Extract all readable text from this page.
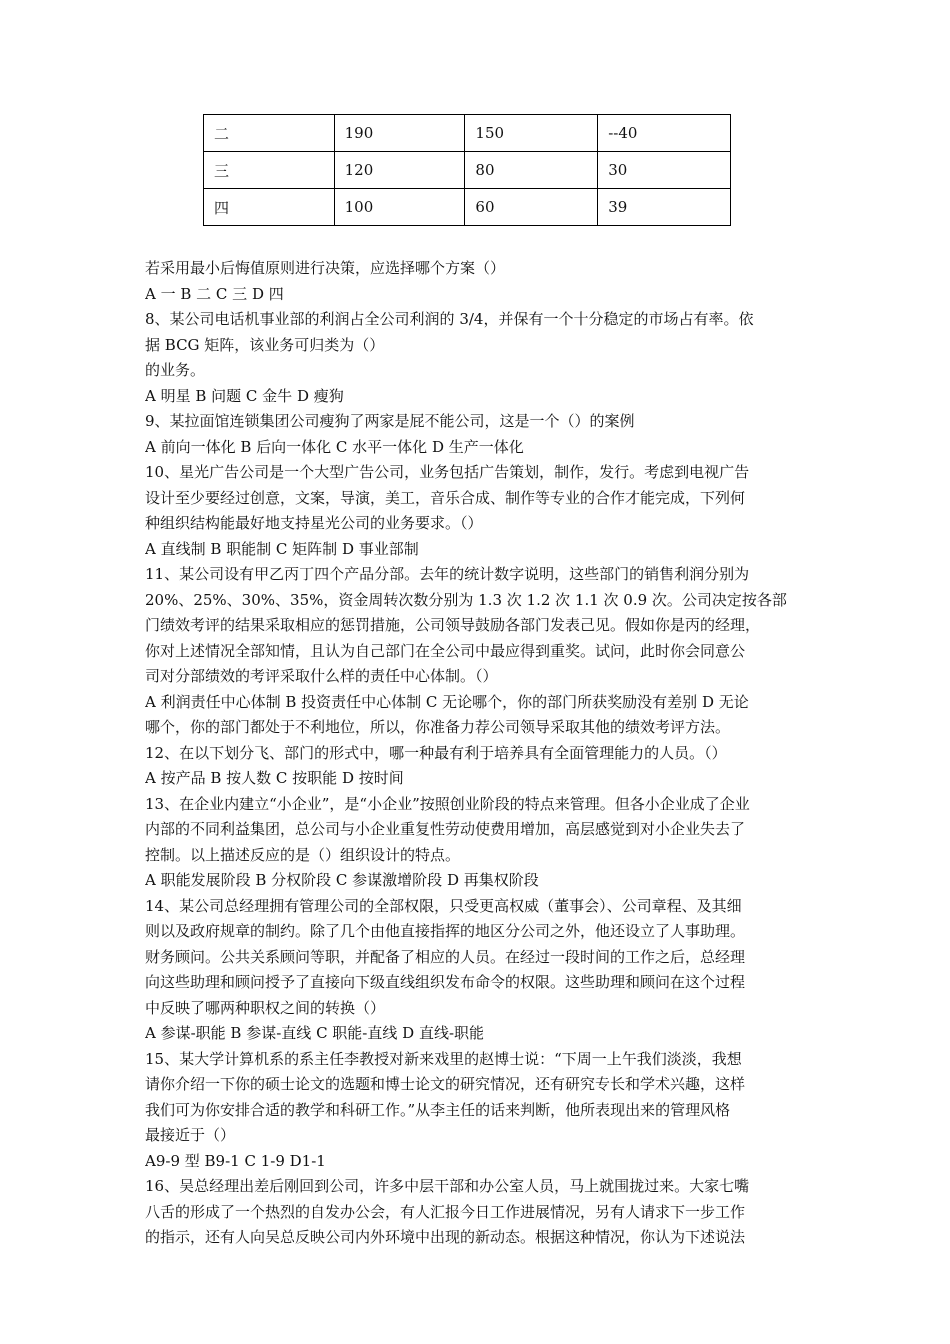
二	190	150	--40
三	120	80	30
四	100	60	39

若采用最小后悔值原则进行决策，应选择哪个方案（）

A 一 B 二 C 三 D 四

8、某公司电话机事业部的利润占全公司利润的 3/4，并保有一个十分稳定的市场占有率。依

据 BCG 矩阵，该业务可归类为（）

的业务。

A 明星 B 问题 C 金牛 D 瘦狗

9、某拉面馆连锁集团公司瘦狗了两家是屁不能公司，这是一个（）的案例

A 前向一体化 B 后向一体化 C 水平一体化 D 生产一体化

10、星光广告公司是一个大型广告公司，业务包括广告策划，制作，发行。考虑到电视广告

设计至少要经过创意，文案，导演，美工，音乐合成、制作等专业的合作才能完成，下列何

种组织结构能最好地支持星光公司的业务要求。（）

A 直线制 B 职能制 C 矩阵制 D 事业部制

11、某公司设有甲乙丙丁四个产品分部。去年的统计数字说明，这些部门的销售利润分别为

20%、25%、30%、35%，资金周转次数分别为 1.3 次 1.2 次 1.1 次 0.9 次。公司决定按各部

门绩效考评的结果采取相应的惩罚措施，公司领导鼓励各部门发表己见。假如你是丙的经理，

你对上述情况全部知情，且认为自己部门在全公司中最应得到重奖。试问，此时你会同意公

司对分部绩效的考评采取什么样的责任中心体制。（）

A 利润责任中心体制 B 投资责任中心体制 C 无论哪个，你的部门所获奖励没有差别 D 无论

哪个，你的部门都处于不利地位，所以，你准备力荐公司领导采取其他的绩效考评方法。

12、在以下划分飞、部门的形式中，哪一种最有利于培养具有全面管理能力的人员。（）

A 按产品 B 按人数 C 按职能 D 按时间

13、在企业内建立“小企业”，是“小企业”按照创业阶段的特点来管理。但各小企业成了企业

内部的不同利益集团，总公司与小企业重复性劳动使费用增加，高层感觉到对小企业失去了

控制。以上描述反应的是（）组织设计的特点。

A 职能发展阶段 B 分权阶段 C 参谋激增阶段 D 再集权阶段

14、某公司总经理拥有管理公司的全部权限，只受更高权威（董事会）、公司章程、及其细

则以及政府规章的制约。除了几个由他直接指挥的地区分公司之外，他还设立了人事助理。

财务顾问。公共关系顾问等职，并配备了相应的人员。在经过一段时间的工作之后，总经理

向这些助理和顾问授予了直接向下级直线组织发布命令的权限。这些助理和顾问在这个过程

中反映了哪两种职权之间的转换（）

A 参谋-职能 B 参谋-直线 C 职能-直线 D 直线-职能

15、某大学计算机系的系主任李教授对新来戏里的赵博士说：“下周一上午我们淡淡，我想

请你介绍一下你的硕士论文的选题和博士论文的研究情况，还有研究专长和学术兴趣，这样

我们可为你安排合适的教学和科研工作。”从李主任的话来判断，他所表现出来的管理风格

最接近于（）

A9-9 型 B9-1 C 1-9 D1-1

16、吴总经理出差后刚回到公司，许多中层干部和办公室人员，马上就围拢过来。大家七嘴

八舌的形成了一个热烈的自发办公会，有人汇报今日工作进展情况，另有人请求下一步工作

的指示，还有人向吴总反映公司内外环境中出现的新动态。根据这种情况，你认为下述说法
